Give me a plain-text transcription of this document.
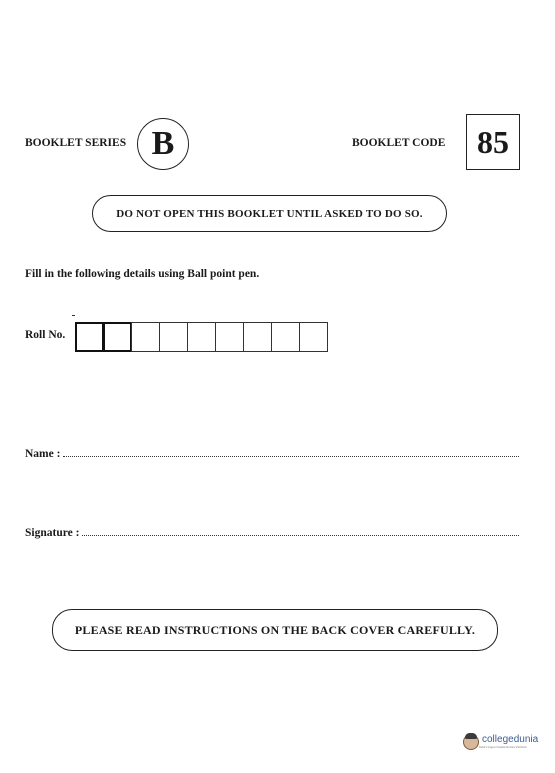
BOOKLET SERIES B	BOOKLET CODE 85
DO NOT OPEN THIS BOOKLET UNTIL ASKED TO DO SO.
Fill in the following details using Ball point pen.
Roll No.
Name :
Signature :
PLEASE READ INSTRUCTIONS ON THE BACK COVER CAREFULLY.
collegedunia
India's largest Student Review Platform
